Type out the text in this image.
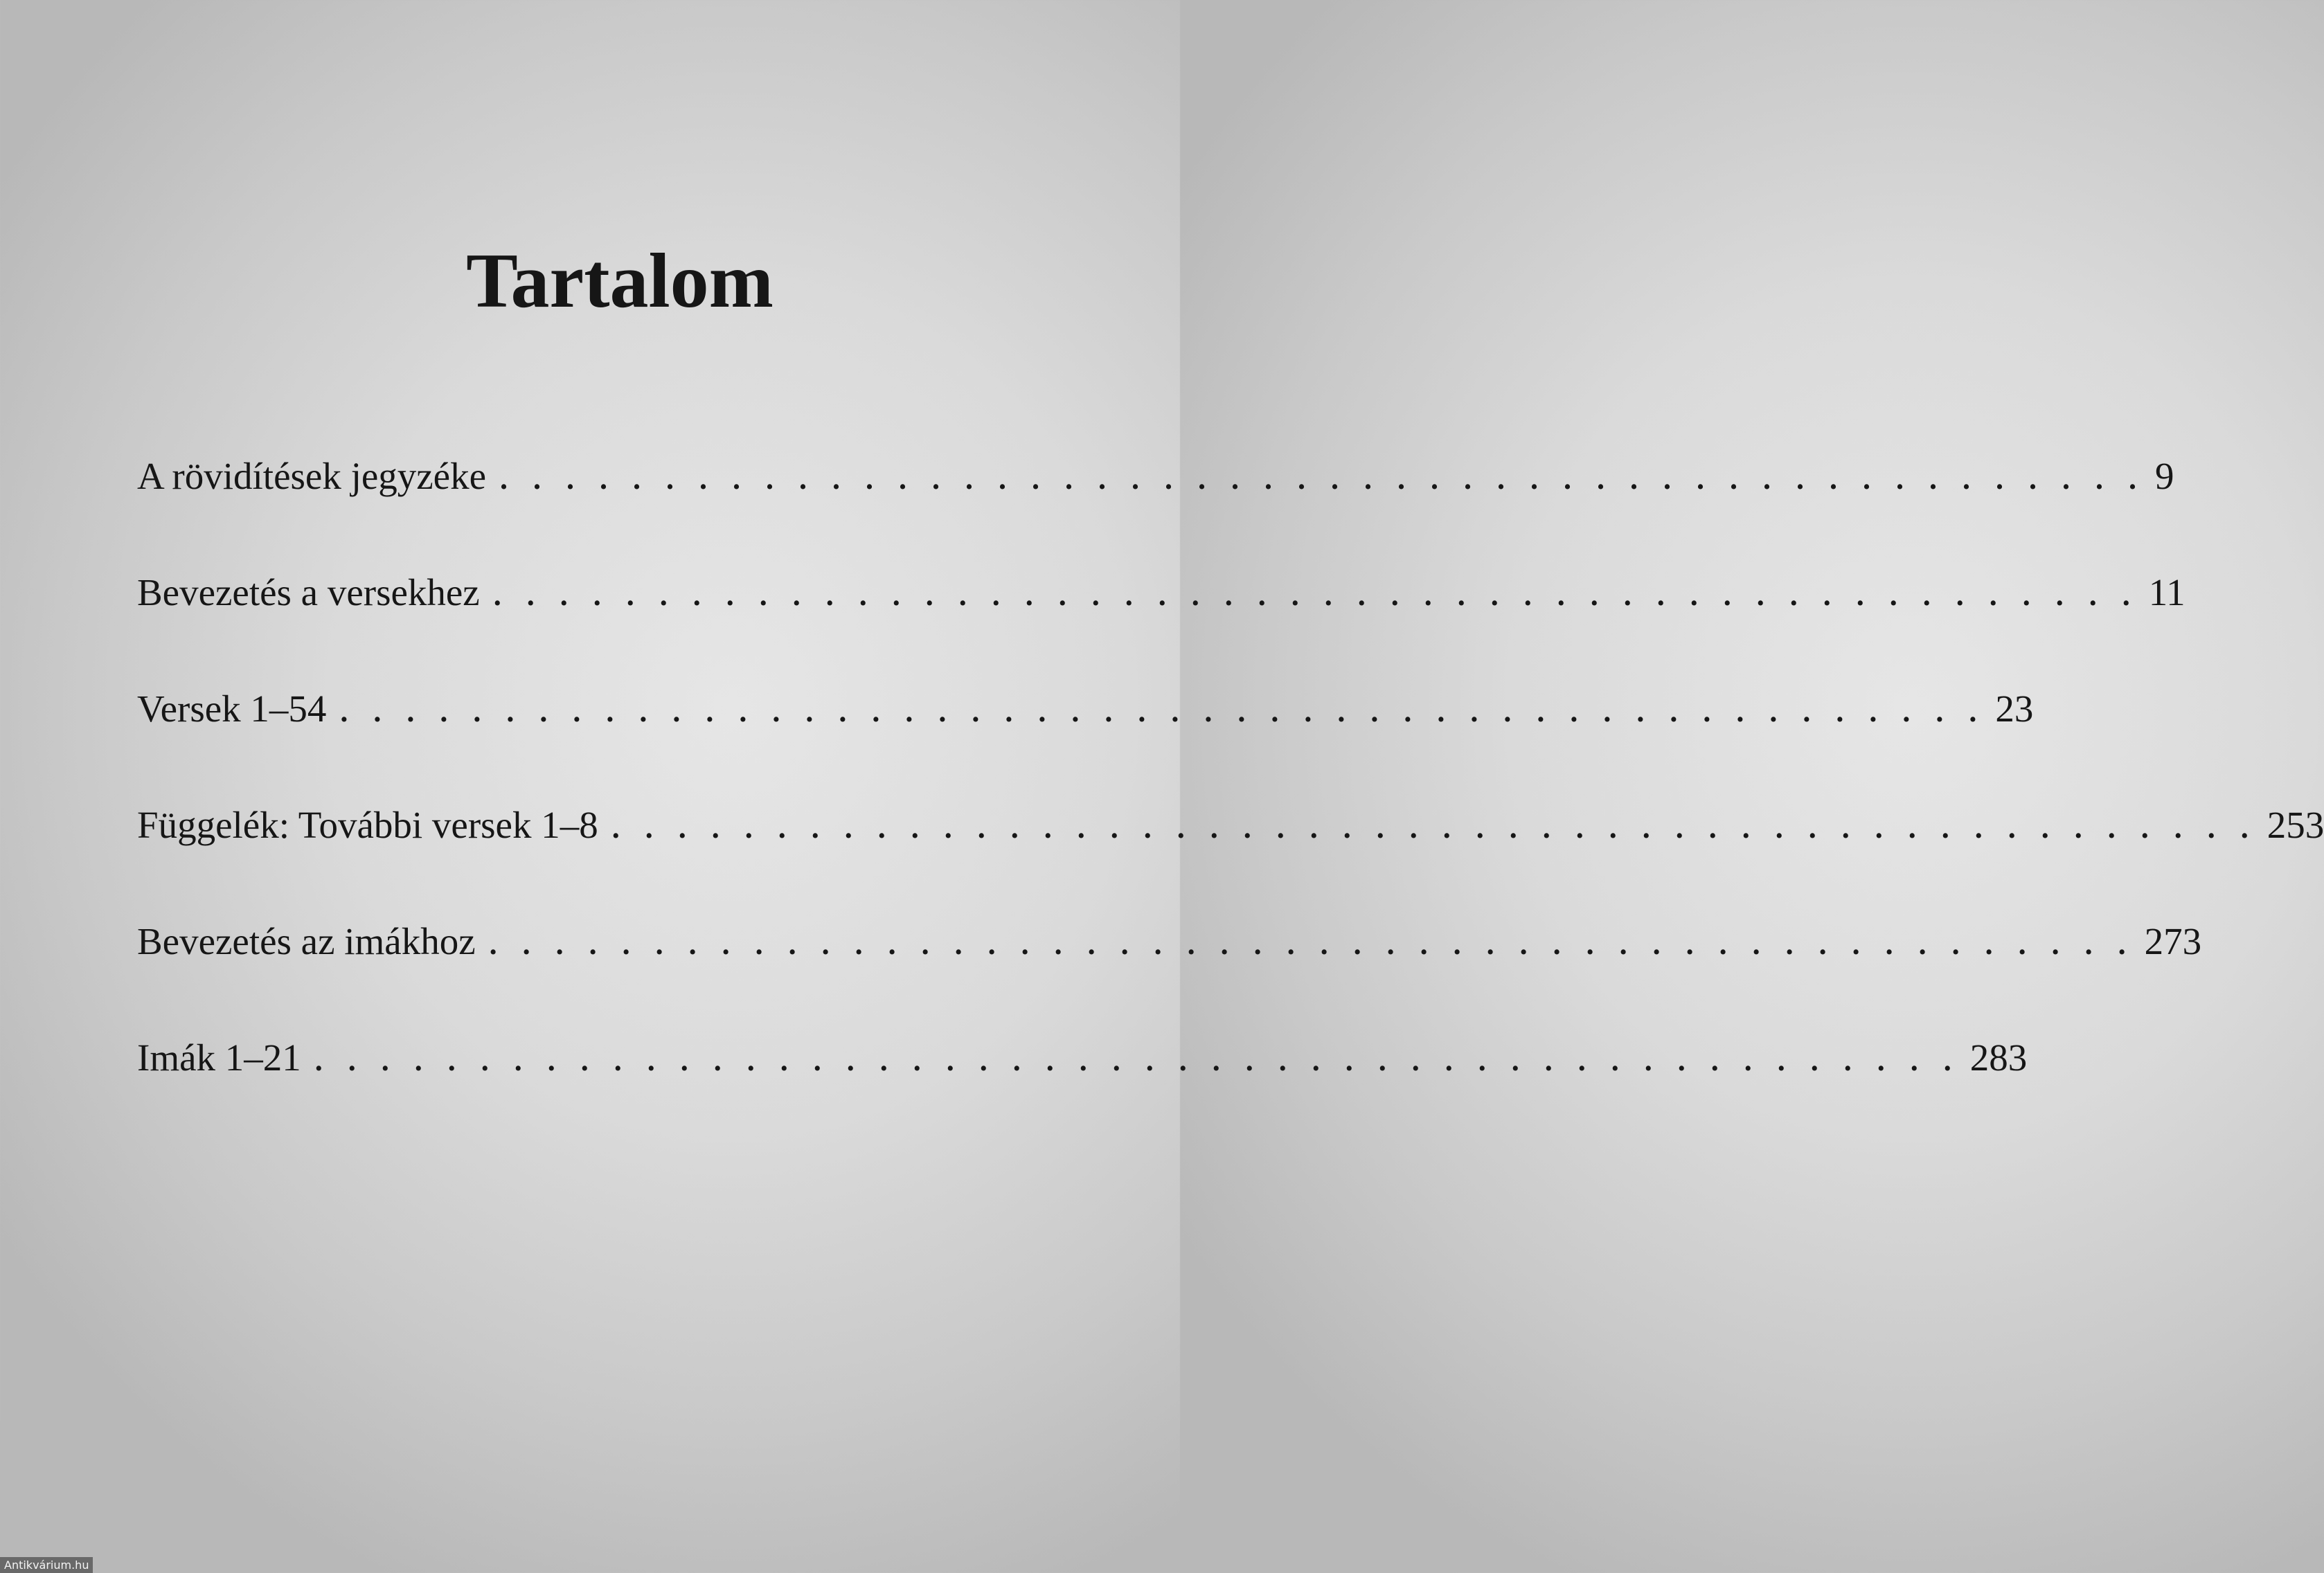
Tartalom
A rövidítések jegyzéke . . . . . . . . . . . . . . . . . . . . . . . . . . . . . . . . . . . . . . . . . . . . . . . . . . 9
Bevezetés a versekhez . . . . . . . . . . . . . . . . . . . . . . . . . . . . . . . . . . . . . . . . . . . . . . . . . . 11
Versek 1–54 . . . . . . . . . . . . . . . . . . . . . . . . . . . . . . . . . . . . . . . . . . . . . . . . . . 23
Függelék: További versek 1–8 . . . . . . . . . . . . . . . . . . . . . . . . . . . . . . . . . . . . . . . . . . . . . . . . . . 253
Bevezetés az imákhoz . . . . . . . . . . . . . . . . . . . . . . . . . . . . . . . . . . . . . . . . . . . . . . . . . . 273
Imák 1–21 . . . . . . . . . . . . . . . . . . . . . . . . . . . . . . . . . . . . . . . . . . . . . . . . . . 283
Antikvárium.hu
